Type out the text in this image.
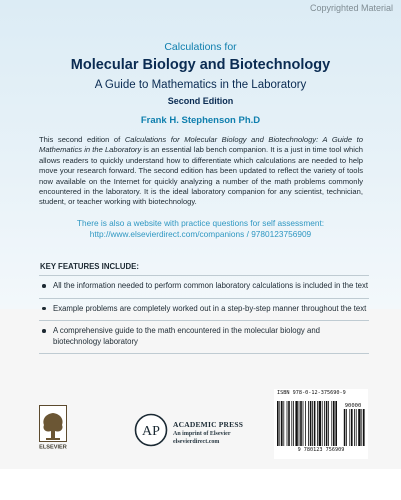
Copyrighted Material
Calculations for
Molecular Biology and Biotechnology
A Guide to Mathematics in the Laboratory
Second Edition
Frank H. Stephenson Ph.D
This second edition of Calculations for Molecular Biology and Biotechnology: A Guide to Mathematics in the Laboratory is an essential lab bench companion. It is a just in time tool which allows readers to quickly understand how to differentiate which calculations are needed to help move your research forward. The second edition has been updated to reflect the variety of tools now available on the Internet for quickly analyzing a number of the math problems commonly encountered in the laboratory. It is the ideal laboratory companion for any scientist, technician, student, or teacher working with biotechnology.
There is also a website with practice questions for self assessment:
http://www.elsevierdirect.com/companions / 9780123756909
KEY FEATURES INCLUDE:
All the information needed to perform common laboratory calculations is included in the text
Example problems are completely worked out in a step-by-step manner throughout the text
A comprehensive guide to the math encountered in the molecular biology and biotechnology laboratory
ELSEVIER
AP ACADEMIC PRESS
An imprint of Elsevier
elsevierdirect.com
ISBN 978-0-12-375690-9
90000
9 780123 756909
